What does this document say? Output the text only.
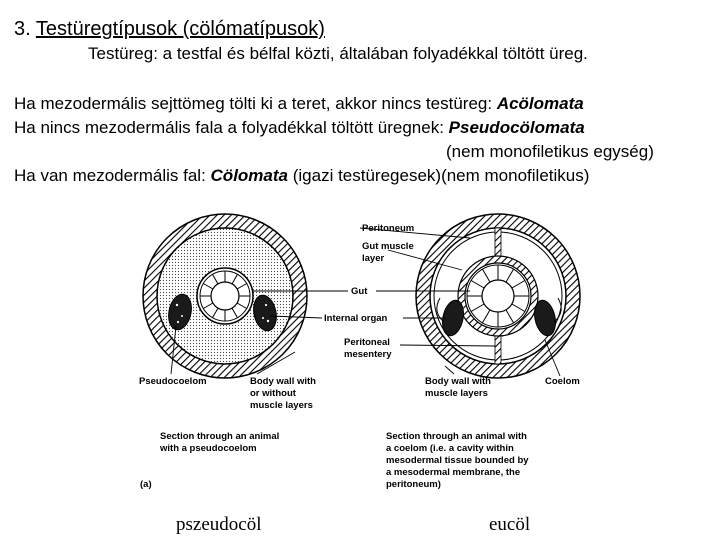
3. Testüregtípusok (cölómatípusok)
Testüreg: a testfal és bélfal közti, általában folyadékkal töltött üreg.
Ha mezodermális sejttömeg tölti ki a teret, akkor nincs testüreg: Acölomata
Ha nincs mezodermális fala a folyadékkal töltött üregnek: Pseudocölomata
(nem monofiletikus egység)
Ha van mezodermális fal: Cölomata (igazi testüregesek)(nem monofiletikus)
Peritoneum
Gut muscle
layer
Gut
Internal organ
Peritoneal
mesentery
Pseudocoelom	Body wall with
or without
muscle layers
Body wall with
muscle layers
Coelom
Section through an animal
with a pseudocoelom
Section through an animal with
a coelom (i.e. a cavity within
mesodermal tissue bounded by
a mesodermal membrane, the
peritoneum)
(a)
pszeudocöl	eucöl
